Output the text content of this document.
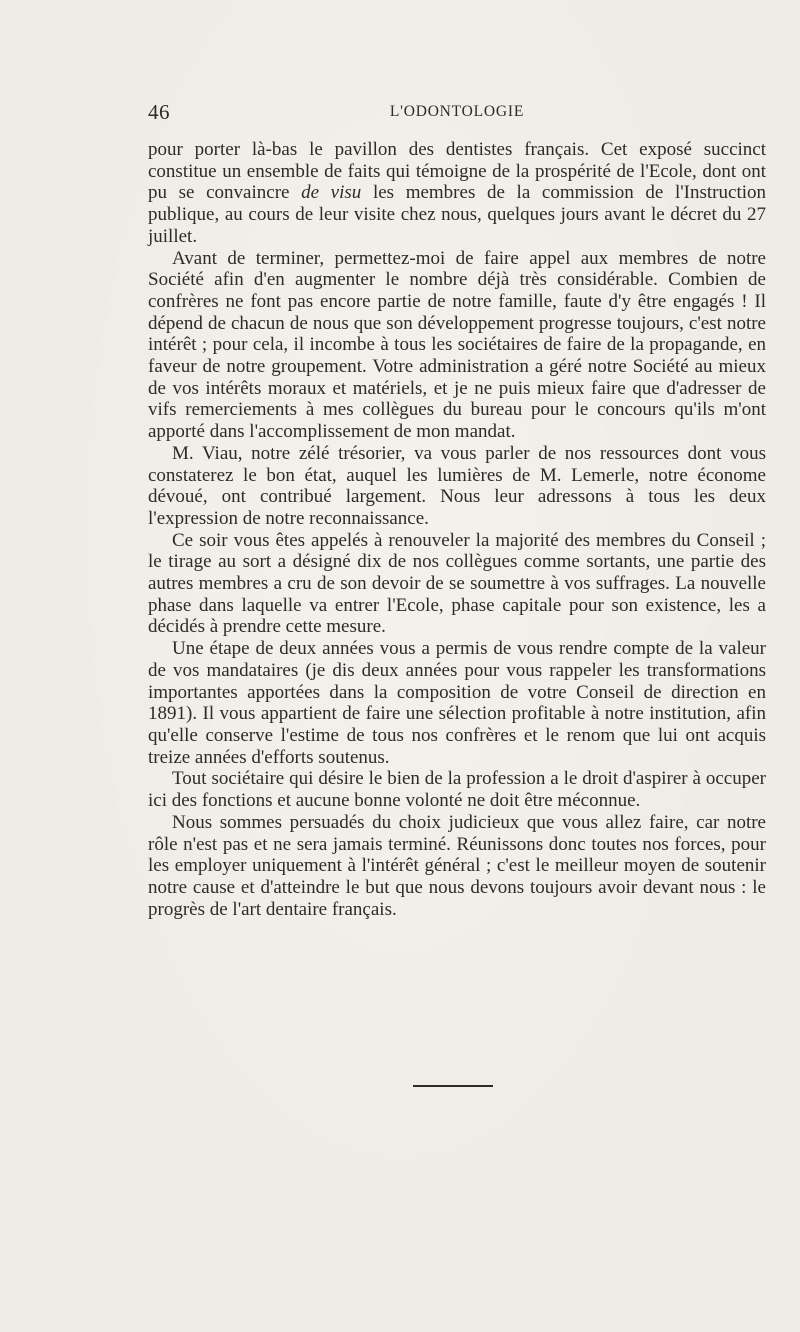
46	L'ODONTOLOGIE

pour porter là-bas le pavillon des dentistes français. Cet exposé succinct constitue un ensemble de faits qui témoigne de la prospérité de l'Ecole, dont ont pu se convaincre de visu les membres de la commission de l'Instruction publique, au cours de leur visite chez nous, quelques jours avant le décret du 27 juillet.

Avant de terminer, permettez-moi de faire appel aux membres de notre Société afin d'en augmenter le nombre déjà très considérable. Combien de confrères ne font pas encore partie de notre famille, faute d'y être engagés ! Il dépend de chacun de nous que son développement progresse toujours, c'est notre intérêt ; pour cela, il incombe à tous les sociétaires de faire de la propagande, en faveur de notre groupement. Votre administration a géré notre Société au mieux de vos intérêts moraux et matériels, et je ne puis mieux faire que d'adresser de vifs remerciements à mes collègues du bureau pour le concours qu'ils m'ont apporté dans l'accomplissement de mon mandat.

M. Viau, notre zélé trésorier, va vous parler de nos ressources dont vous constaterez le bon état, auquel les lumières de M. Lemerle, notre économe dévoué, ont contribué largement. Nous leur adressons à tous les deux l'expression de notre reconnaissance.

Ce soir vous êtes appelés à renouveler la majorité des membres du Conseil ; le tirage au sort a désigné dix de nos collègues comme sortants, une partie des autres membres a cru de son devoir de se soumettre à vos suffrages. La nouvelle phase dans laquelle va entrer l'Ecole, phase capitale pour son existence, les a décidés à prendre cette mesure.

Une étape de deux années vous a permis de vous rendre compte de la valeur de vos mandataires (je dis deux années pour vous rappeler les transformations importantes apportées dans la composition de votre Conseil de direction en 1891). Il vous appartient de faire une sélection profitable à notre institution, afin qu'elle conserve l'estime de tous nos confrères et le renom que lui ont acquis treize années d'efforts soutenus.

Tout sociétaire qui désire le bien de la profession a le droit d'aspirer à occuper ici des fonctions et aucune bonne volonté ne doit être méconnue.

Nous sommes persuadés du choix judicieux que vous allez faire, car notre rôle n'est pas et ne sera jamais terminé. Réunissons donc toutes nos forces, pour les employer uniquement à l'intérêt général ; c'est le meilleur moyen de soutenir notre cause et d'atteindre le but que nous devons toujours avoir devant nous : le progrès de l'art dentaire français.
